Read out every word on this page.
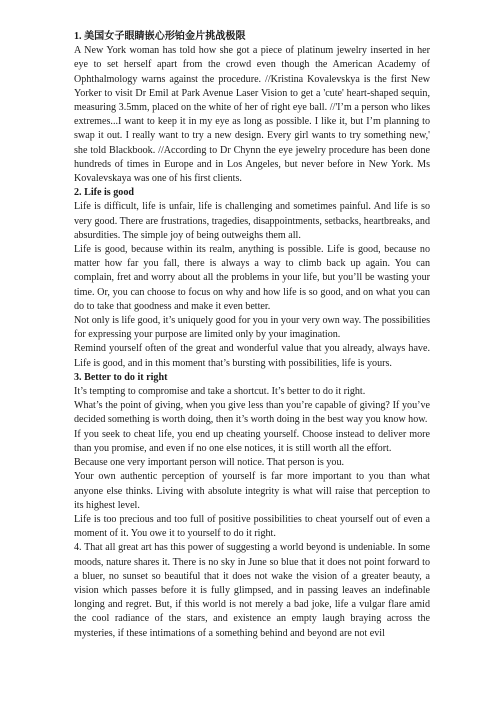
1. 美国女子眼睛嵌心形铂金片挑战极限

A New York woman has told how she got a piece of platinum jewelry inserted in her eye to set herself apart from the crowd even though the American Academy of Ophthalmology warns against the procedure. //Kristina Kovalevskya is the first New Yorker to visit Dr Emil at Park Avenue Laser Vision to get a 'cute' heart-shaped sequin, measuring 3.5mm, placed on the white of her of right eye ball. //'I’m a person who likes extremes...I want to keep it in my eye as long as possible. I like it, but I’m planning to swap it out. I really want to try a new design. Every girl wants to try something new,' she told Blackbook. //According to Dr Chynn the eye jewelry procedure has been done hundreds of times in Europe and in Los Angeles, but never before in New York. Ms Kovalevskaya was one of his first clients.

2. Life is good

Life is difficult, life is unfair, life is challenging and sometimes painful. And life is so very good. There are frustrations, tragedies, disappointments, setbacks, heartbreaks, and absurdities. The simple joy of being outweighs them all.

Life is good, because within its realm, anything is possible. Life is good, because no matter how far you fall, there is always a way to climb back up again. You can complain, fret and worry about all the problems in your life, but you’ll be wasting your time. Or, you can choose to focus on why and how life is so good, and on what you can do to take that goodness and make it even better.

Not only is life good, it’s uniquely good for you in your very own way. The possibilities for expressing your purpose are limited only by your imagination.

Remind yourself often of the great and wonderful value that you already, always have. Life is good, and in this moment that’s bursting with possibilities, life is yours.

3. Better to do it right

It’s tempting to compromise and take a shortcut. It’s better to do it right.

What’s the point of giving, when you give less than you’re capable of giving? If you’ve decided something is worth doing, then it’s worth doing in the best way you know how.

If you seek to cheat life, you end up cheating yourself. Choose instead to deliver more than you promise, and even if no one else notices, it is still worth all the effort.

Because one very important person will notice. That person is you.

Your own authentic perception of yourself is far more important to you than what anyone else thinks. Living with absolute integrity is what will raise that perception to its highest level.

Life is too precious and too full of positive possibilities to cheat yourself out of even a moment of it. You owe it to yourself to do it right.

4. That all great art has this power of suggesting a world beyond is undeniable. In some moods, nature shares it. There is no sky in June so blue that it does not point forward to a bluer, no sunset so beautiful that it does not wake the vision of a greater beauty, a vision which passes before it is fully glimpsed, and in passing leaves an indefinable longing and regret. But, if this world is not merely a bad joke, life a vulgar flare amid the cool radiance of the stars, and existence an empty laugh braying across the mysteries, if these intimations of a something behind and beyond are not evil
